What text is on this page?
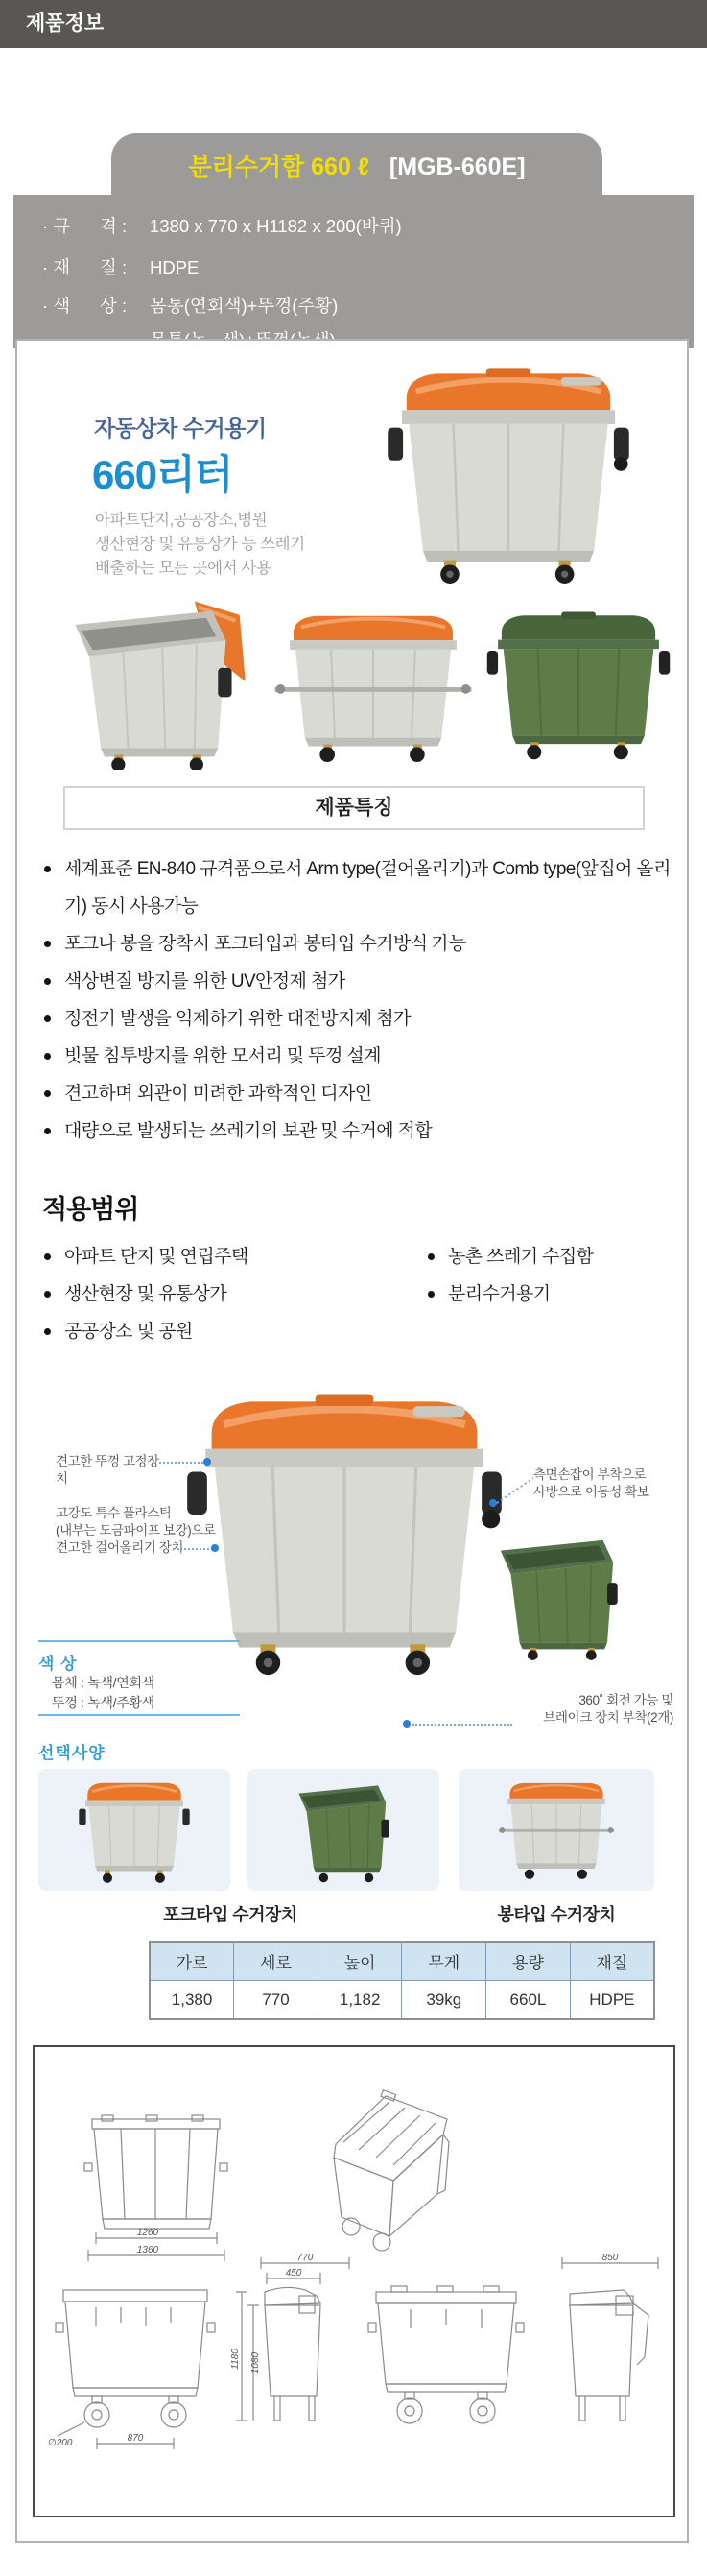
제품정보
분리수거함 660 ℓ [MGB-660E]
· 규      격 : 1380 x 770 x H1182 x 200(바퀴)
· 재      질 : HDPE
· 색      상 : 몸통(연회색)+뚜껑(주황)
자동상차 수거용기
660리터
아파트단지,공공장소,병원
생산현장 및 유통상가 등 쓰레기
배출하는 모든 곳에서 사용
제품특징
세계표준 EN-840 규격품으로서 Arm type(걸어올리기)과 Comb type(앞집어 올리기) 동시 사용가능
포크나 봉을 장착시 포크타입과 봉타입 수거방식 가능
색상변질 방지를 위한 UV안정제 첨가
정전기 발생을 억제하기 위한 대전방지제 첨가
빗물 침투방지를 위한 모서리 및 뚜껑 설계
견고하며 외관이 미려한 과학적인 디자인
대량으로 발생되는 쓰레기의 보관 및 수거에 적합
적용범위
아파트 단지 및 연립주택
생산현장 및 유통상가
공공장소 및 공원
농촌 쓰레기 수집함
분리수거용기
견고한 뚜껑 고정장치
고강도 특수 플라스틱
(내부는 도금파이프 보강)으로
견고한 걸어올리기 장치
측면손잡이 부착으로
사방으로 이동성 확보
360˚ 회전 가능 및
브레이크 장치 부착(2개)
색 상
몸체 : 녹색/연회색
뚜껑 : 녹색/주황색
선택사양
포크타입 수거장치	봉타입 수거장치
가로	세로	높이	무게	용량	재질
1,380	770	1,182	39kg	660L	HDPE
1260
1360
∅200	870
770
450
1180 1080
850
